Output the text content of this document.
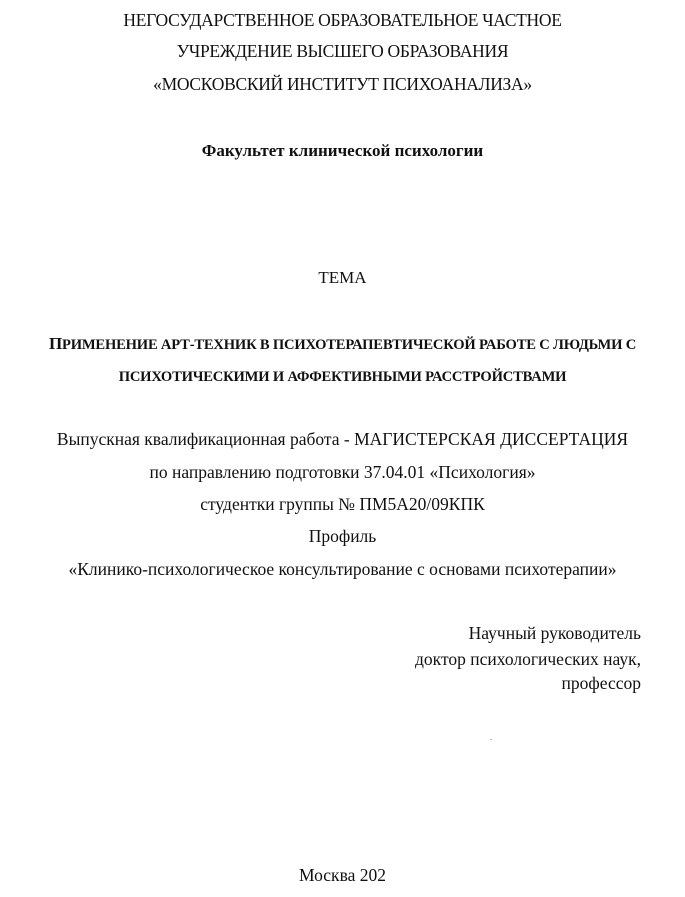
НЕГОСУДАРСТВЕННОЕ ОБРАЗОВАТЕЛЬНОЕ ЧАСТНОЕ
УЧРЕЖДЕНИЕ ВЫСШЕГО ОБРАЗОВАНИЯ
«МОСКОВСКИЙ ИНСТИТУТ ПСИХОАНАЛИЗА»
Факультет клинической психологии
ТЕМА
ПРИМЕНЕНИЕ АРТ-ТЕХНИК В ПСИХОТЕРАПЕВТИЧЕСКОЙ РАБОТЕ С ЛЮДЬМИ С
ПСИХОТИЧЕСКИМИ И АФФЕКТИВНЫМИ РАССТРОЙСТВАМИ
Выпускная квалификационная работа - МАГИСТЕРСКАЯ ДИССЕРТАЦИЯ
по направлению подготовки 37.04.01 «Психология»
студентки группы № ПМ5А20/09КПК
Профиль
«Клинико-психологическое консультирование с основами психотерапии»
Научный руководитель
доктор психологических наук,
профессор
Москва 202
